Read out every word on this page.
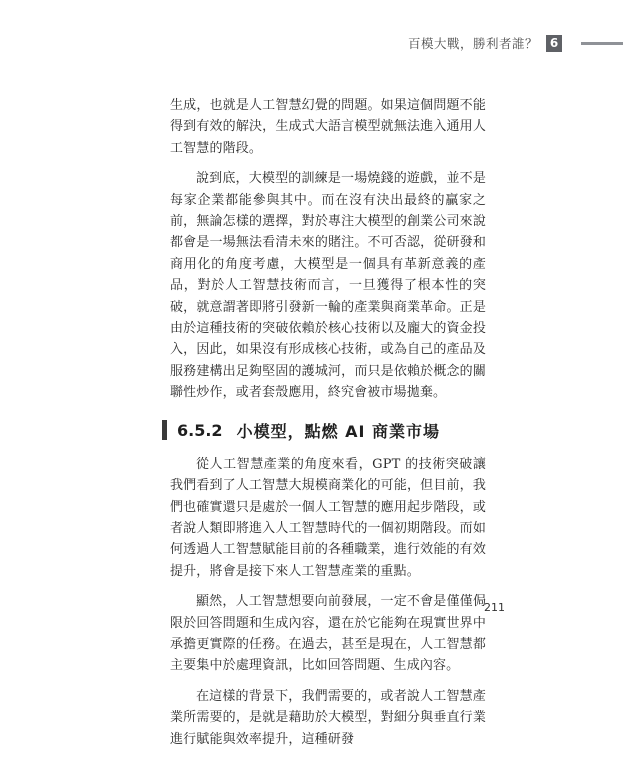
百模大戰，勝利者誰？ 6

生成，也就是人工智慧幻覺的問題。如果這個問題不能得到有效的解決，生成式大語言模型就無法進入通用人工智慧的階段。

說到底，大模型的訓練是一場燒錢的遊戲，並不是每家企業都能參與其中。而在沒有決出最終的贏家之前，無論怎樣的選擇，對於專注大模型的創業公司來說都會是一場無法看清未來的賭注。不可否認，從研發和商用化的角度考慮，大模型是一個具有革新意義的產品，對於人工智慧技術而言，一旦獲得了根本性的突破，就意謂著即將引發新一輪的產業與商業革命。正是由於這種技術的突破依賴於核心技術以及龐大的資金投入，因此，如果沒有形成核心技術，或為自己的產品及服務建構出足夠堅固的護城河，而只是依賴於概念的關聯性炒作，或者套殼應用，終究會被市場拋棄。

6.5.2 小模型，點燃 AI 商業市場

從人工智慧產業的角度來看，GPT 的技術突破讓我們看到了人工智慧大規模商業化的可能，但目前，我們也確實還只是處於一個人工智慧的應用起步階段，或者說人類即將進入人工智慧時代的一個初期階段。而如何透過人工智慧賦能目前的各種職業，進行效能的有效提升，將會是接下來人工智慧產業的重點。

顯然，人工智慧想要向前發展，一定不會是僅僅侷限於回答問題和生成內容，還在於它能夠在現實世界中承擔更實際的任務。在過去，甚至是現在，人工智慧都主要集中於處理資訊，比如回答問題、生成內容。

在這樣的背景下，我們需要的，或者說人工智慧產業所需要的，是就是藉助於大模型，對細分與垂直行業進行賦能與效率提升，這種研發

211
